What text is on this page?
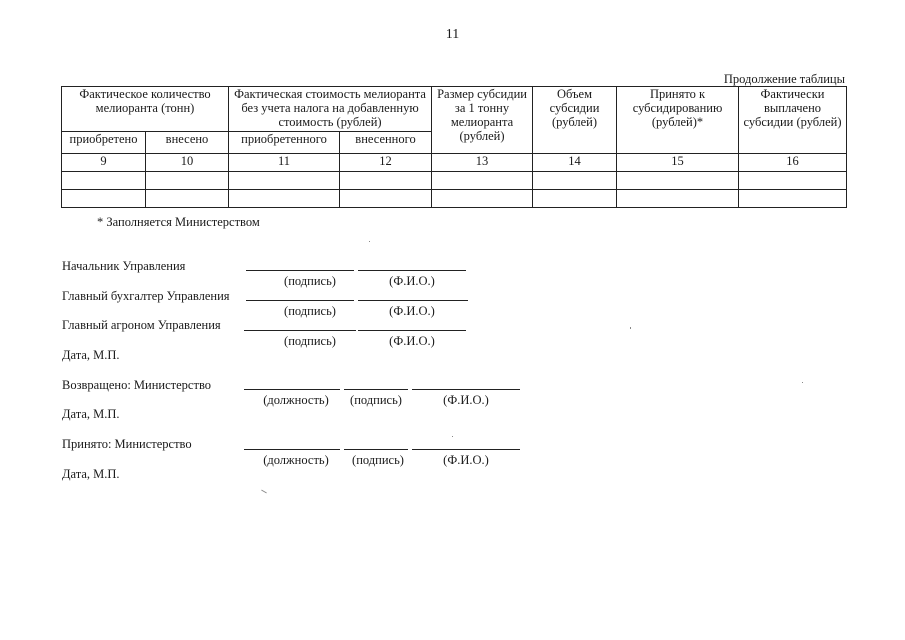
11
Продолжение таблицы
Фактическое количество мелиоранта (тонн)		Фактическая стоимость мелиоранта без учета налога на добавленную стоимость (рублей)		Размер субсидии за 1 тонну мелиоранта (рублей)	Объем субсидии (рублей)	Принято к субсидированию (рублей)*	Фактически выплачено субсидии (рублей)
приобретено	внесено	приобретенного	внесенного				
9	10	11	12	13	14	15	16

* Заполняется Министерством
Начальник Управления
(подпись)	(Ф.И.О.)
Главный бухгалтер Управления
(подпись)	(Ф.И.О.)
Главный агроном Управления
(подпись)	(Ф.И.О.)
Дата, М.П.
Возвращено: Министерство
(должность)	(подпись)	(Ф.И.О.)
Дата, М.П.
Принято: Министерство
(должность)	(подпись)	(Ф.И.О.)
Дата, М.П.
